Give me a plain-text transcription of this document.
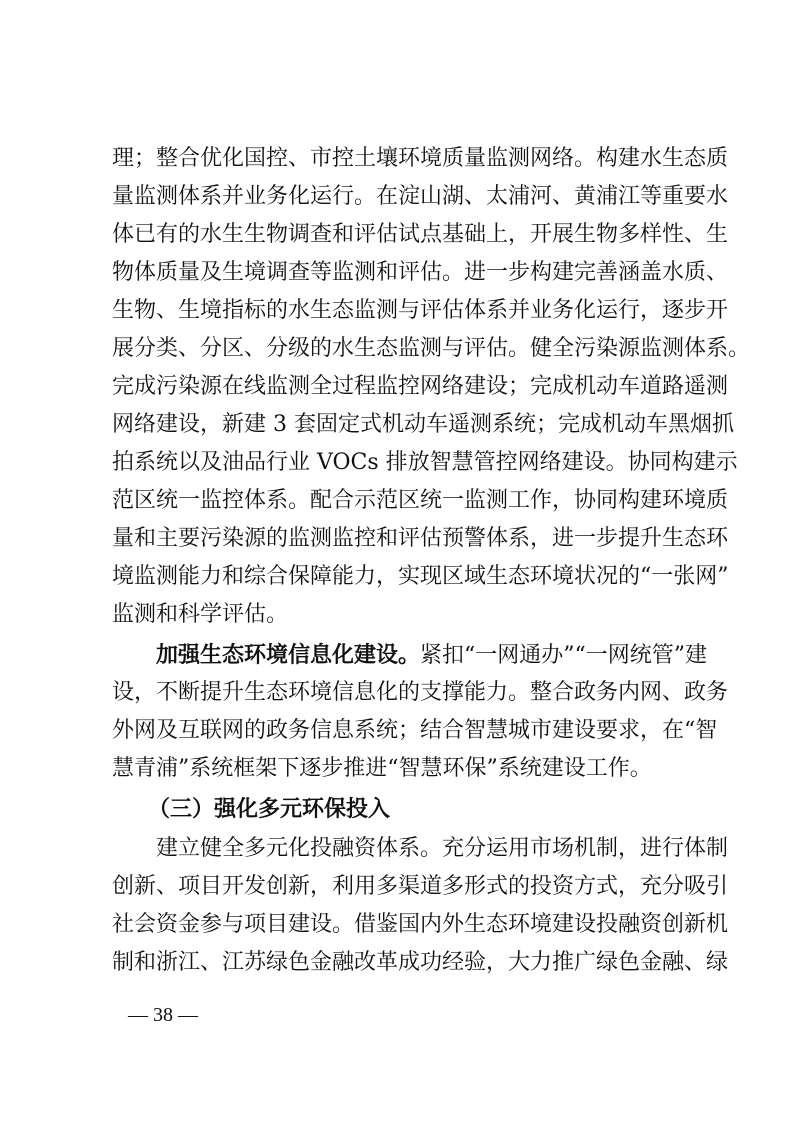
理；整合优化国控、市控土壤环境质量监测网络。构建水生态质
量监测体系并业务化运行。在淀山湖、太浦河、黄浦江等重要水
体已有的水生生物调查和评估试点基础上，开展生物多样性、生
物体质量及生境调查等监测和评估。进一步构建完善涵盖水质、
生物、生境指标的水生态监测与评估体系并业务化运行，逐步开
展分类、分区、分级的水生态监测与评估。健全污染源监测体系。
完成污染源在线监测全过程监控网络建设；完成机动车道路遥测
网络建设，新建 3 套固定式机动车遥测系统；完成机动车黑烟抓
拍系统以及油品行业 VOCs 排放智慧管控网络建设。协同构建示
范区统一监控体系。配合示范区统一监测工作，协同构建环境质
量和主要污染源的监测监控和评估预警体系，进一步提升生态环
境监测能力和综合保障能力，实现区域生态环境状况的“一张网”
监测和科学评估。
加强生态环境信息化建设。紧扣“一网通办”“一网统管”建
设，不断提升生态环境信息化的支撑能力。整合政务内网、政务
外网及互联网的政务信息系统；结合智慧城市建设要求，在“智
慧青浦”系统框架下逐步推进“智慧环保”系统建设工作。
（三）强化多元环保投入
建立健全多元化投融资体系。充分运用市场机制，进行体制
创新、项目开发创新，利用多渠道多形式的投资方式，充分吸引
社会资金参与项目建设。借鉴国内外生态环境建设投融资创新机
制和浙江、江苏绿色金融改革成功经验，大力推广绿色金融、绿
— 38 —
